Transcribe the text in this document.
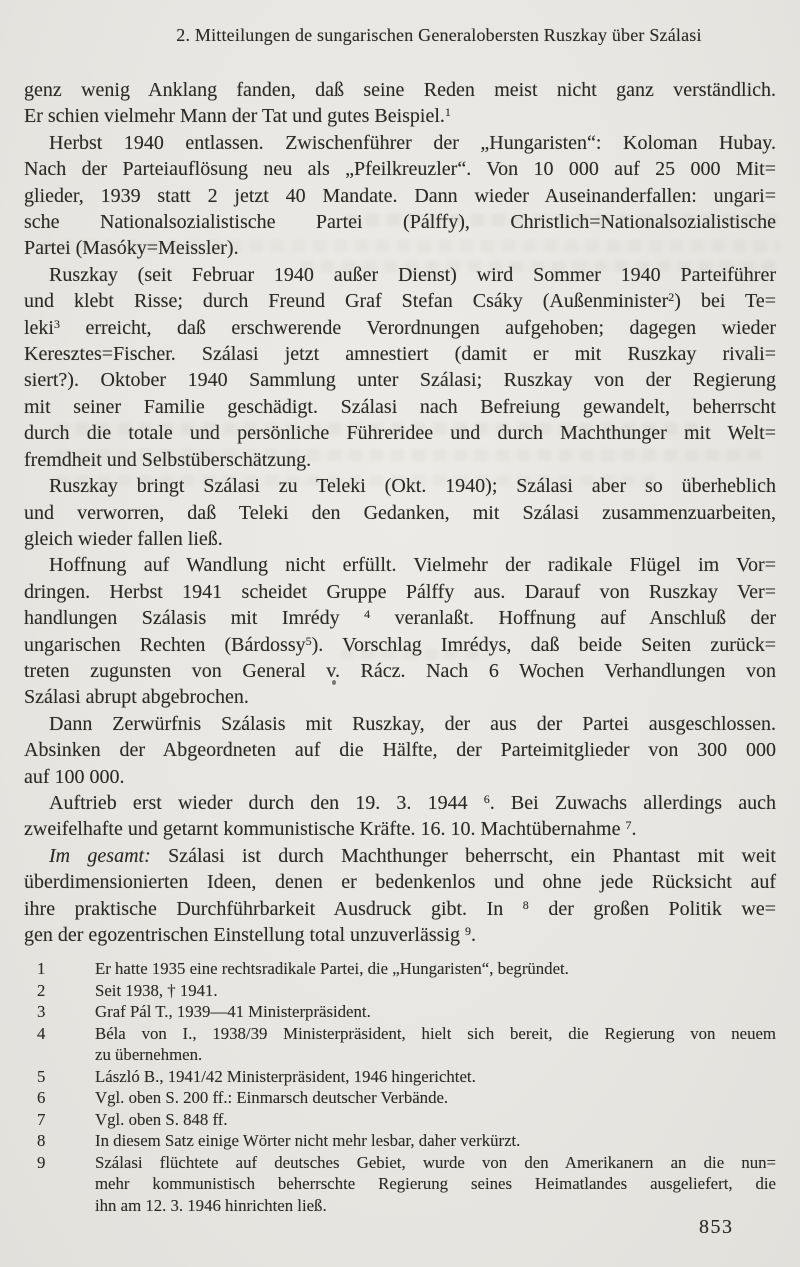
2. Mitteilungen de sungarischen Generalobersten Ruszkay über Szálasi
genz wenig Anklang fanden, daß seine Reden meist nicht ganz verständlich.
Er schien vielmehr Mann der Tat und gutes Beispiel.$^1$
Herbst 1940 entlassen. Zwischenführer der „Hungaristen“: Koloman Hubay.
Nach der Parteiauflösung neu als „Pfeilkreuzler“. Von 10 000 auf 25 000 Mit=
glieder, 1939 statt 2 jetzt 40 Mandate. Dann wieder Auseinanderfallen: ungari=
sche Nationalsozialistische Partei (Pálffy), Christlich=Nationalsozialistische
Partei (Masóky=Meissler).
Ruszkay (seit Februar 1940 außer Dienst) wird Sommer 1940 Parteiführer
und klebt Risse; durch Freund Graf Stefan Csáky (Außenminister$^2$) bei Te=
leki$^3$ erreicht, daß erschwerende Verordnungen aufgehoben; dagegen wieder
Keresztes=Fischer. Szálasi jetzt amnestiert (damit er mit Ruszkay rivali=
siert?). Oktober 1940 Sammlung unter Szálasi; Ruszkay von der Regierung
mit seiner Familie geschädigt. Szálasi nach Befreiung gewandelt, beherrscht
durch die totale und persönliche Führeridee und durch Machthunger mit Welt=
fremdheit und Selbstüberschätzung.
Ruszkay bringt Szálasi zu Teleki (Okt. 1940); Szálasi aber so überheblich
und verworren, daß Teleki den Gedanken, mit Szálasi zusammenzuarbeiten,
gleich wieder fallen ließ.
Hoffnung auf Wandlung nicht erfüllt. Vielmehr der radikale Flügel im Vor=
dringen. Herbst 1941 scheidet Gruppe Pálffy aus. Darauf von Ruszkay Ver=
handlungen Szálasis mit Imrédy $^4$ veranlaßt. Hoffnung auf Anschluß der
ungarischen Rechten (Bárdossy$^5$). Vorschlag Imrédys, daß beide Seiten zurück=
treten zugunsten von General v. Rácz. Nach 6 Wochen Verhandlungen von
Szálasi abrupt abgebrochen.
Dann Zerwürfnis Szálasis mit Ruszkay, der aus der Partei ausgeschlossen.
Absinken der Abgeordneten auf die Hälfte, der Parteimitglieder von 300 000
auf 100 000.
Auftrieb erst wieder durch den 19. 3. 1944 $^6$. Bei Zuwachs allerdings auch
zweifelhafte und getarnt kommunistische Kräfte. 16. 10. Machtübernahme $^7$.
Im gesamt: Szálasi ist durch Machthunger beherrscht, ein Phantast mit weit
überdimensionierten Ideen, denen er bedenkenlos und ohne jede Rücksicht auf
ihre praktische Durchführbarkeit Ausdruck gibt. In $^8$ der großen Politik we=
gen der egozentrischen Einstellung total unzuverlässig $^9$.
1	Er hatte 1935 eine rechtsradikale Partei, die „Hungaristen“, begründet.
2	Seit 1938, † 1941.
3	Graf Pál T., 1939—41 Ministerpräsident.
4	Béla von I., 1938/39 Ministerpräsident, hielt sich bereit, die Regierung von neuem
zu übernehmen.
5	László B., 1941/42 Ministerpräsident, 1946 hingerichtet.
6	Vgl. oben S. 200 ff.: Einmarsch deutscher Verbände.
7	Vgl. oben S. 848 ff.
8	In diesem Satz einige Wörter nicht mehr lesbar, daher verkürzt.
9	Szálasi flüchtete auf deutsches Gebiet, wurde von den Amerikanern an die nun=
mehr kommunistisch beherrschte Regierung seines Heimatlandes ausgeliefert, die
ihn am 12. 3. 1946 hinrichten ließ.
853
